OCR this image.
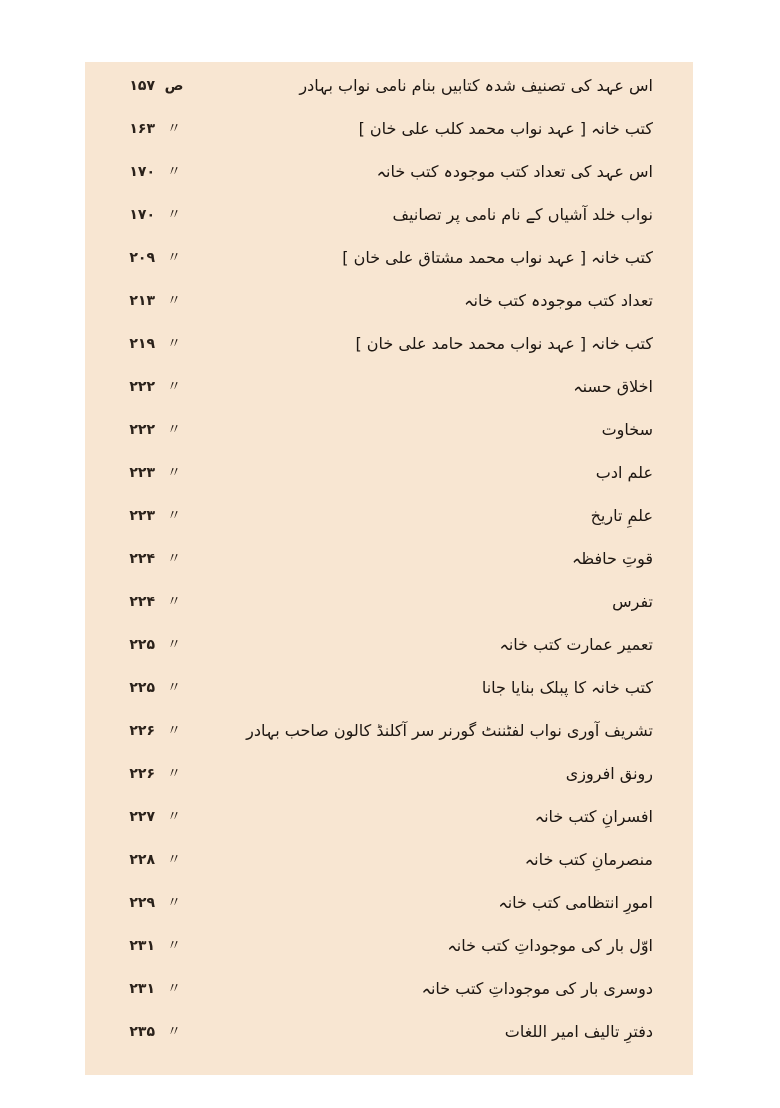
۱۵۷ ص	اس عہد کی تصنیف شدہ کتابیں بنام نامی نواب بہادر
۱۶۳ 〃	کتب خانہ [ عہد نواب محمد کلب علی خان ]
۱۷۰ 〃	اس عہد کی تعداد کتب موجودہ کتب خانہ
۱۷۰ 〃	نواب خلد آشیاں کے نام نامی پر تصانیف
۲۰۹ 〃	کتب خانہ [ عہد نواب محمد مشتاق علی خان ]
۲۱۳ 〃	تعداد کتب موجودہ کتب خانہ
۲۱۹ 〃	کتب خانہ [ عہد نواب محمد حامد علی خان ]
۲۲۲ 〃	اخلاق حسنہ
۲۲۲ 〃	سخاوت
۲۲۳ 〃	علم ادب
۲۲۳ 〃	علمِ تاریخ
۲۲۴ 〃	قوتِ حافظہ
۲۲۴ 〃	تفرس
۲۲۵ 〃	تعمیر عمارت کتب خانہ
۲۲۵ 〃	کتب خانہ کا پبلک بنایا جانا
۲۲۶ 〃	تشریف آوری نواب لفٹننٹ گورنر سر آکلنڈ کالون صاحب بہادر
۲۲۶ 〃	رونق افروزی
۲۲۷ 〃	افسرانِ کتب خانہ
۲۲۸ 〃	منصرمانِ کتب خانہ
۲۲۹ 〃	امورِ انتظامی کتب خانہ
۲۳۱ 〃	اوّل بار کی موجوداتِ کتب خانہ
۲۳۱ 〃	دوسری بار کی موجوداتِ کتب خانہ
۲۳۵ 〃	دفترِ تالیف امیر اللغات
